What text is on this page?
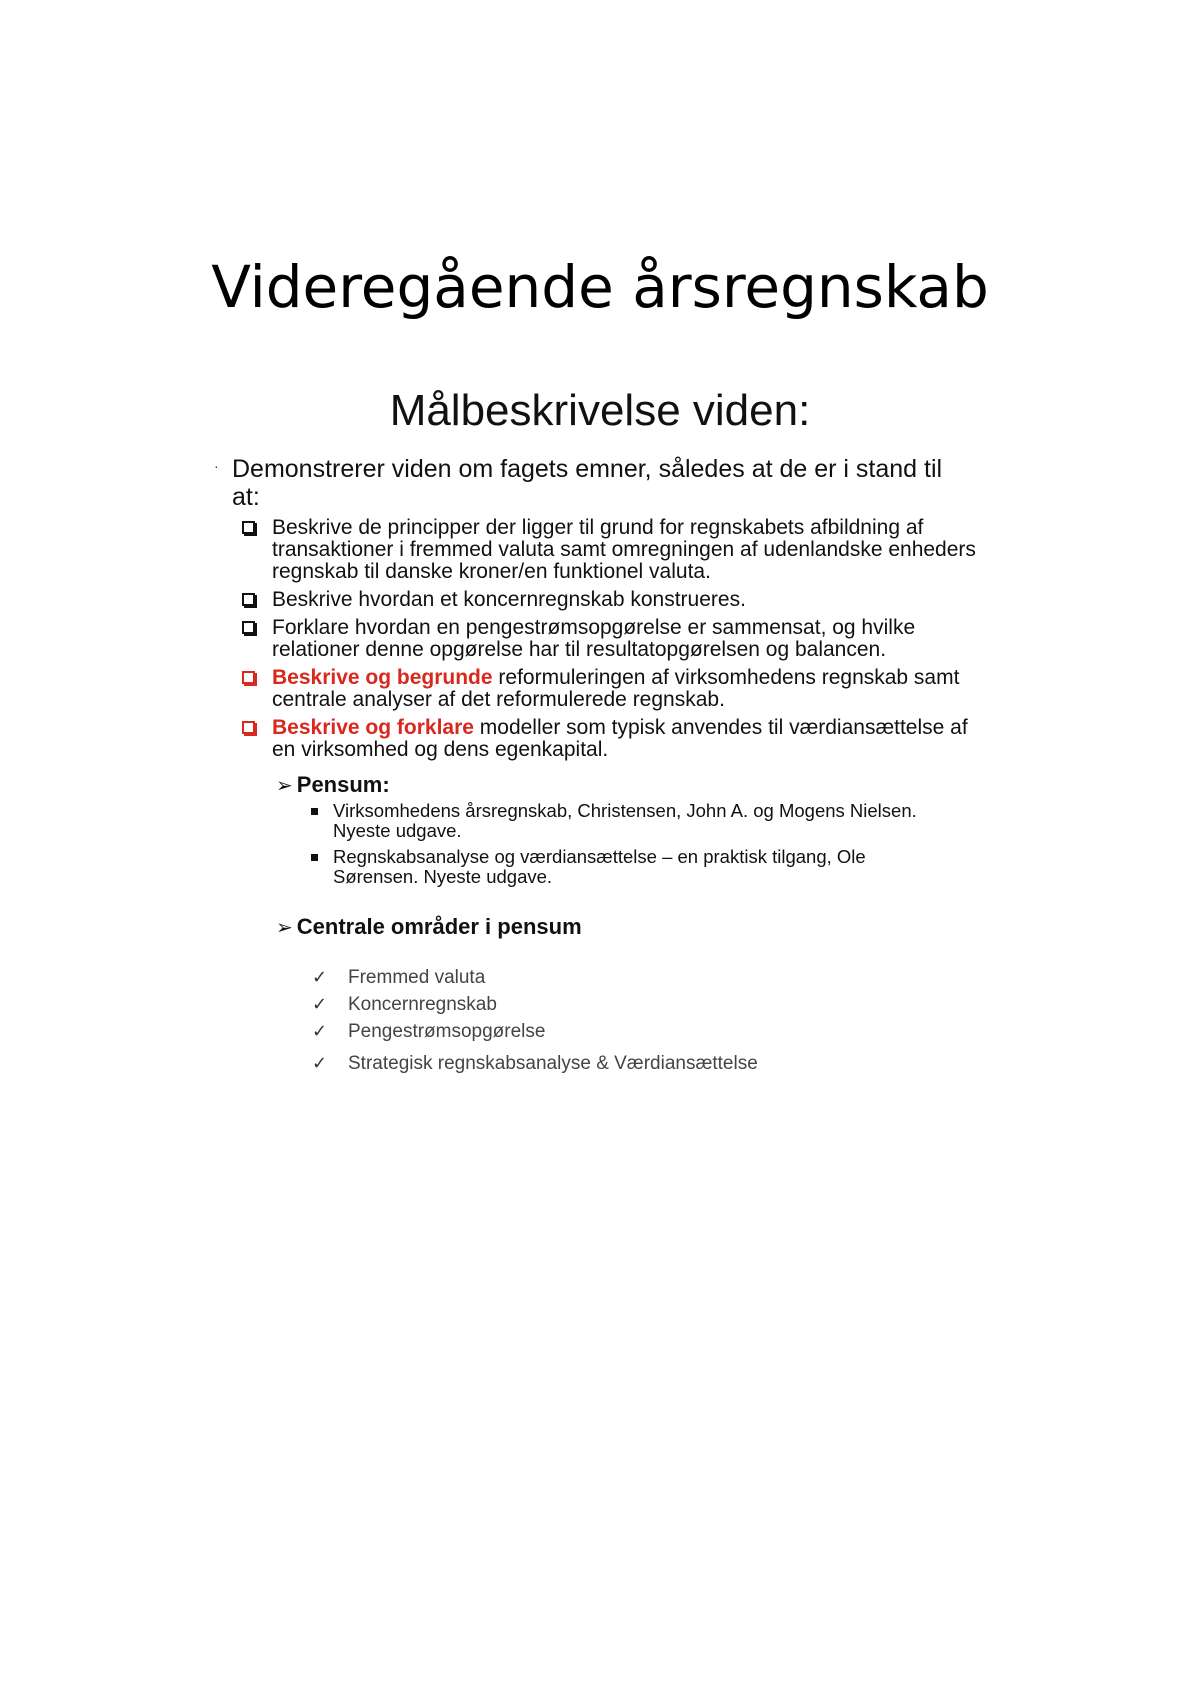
Videregående årsregnskab
Målbeskrivelse viden:
· Demonstrerer viden om fagets emner, således at de er i stand til at:
Beskrive de principper der ligger til grund for regnskabets afbildning af transaktioner i fremmed valuta samt omregningen af udenlandske enheders regnskab til danske kroner/en funktionel valuta.
Beskrive hvordan et koncernregnskab konstrueres.
Forklare hvordan en pengestrømsopgørelse er sammensat, og hvilke relationer denne opgørelse har til resultatopgørelsen og balancen.
Beskrive og begrunde reformuleringen af virksomhedens regnskab samt centrale analyser af det reformulerede regnskab.
Beskrive og forklare modeller som typisk anvendes til værdiansættelse af en virksomhed og dens egenkapital.
➢ Pensum:
Virksomhedens årsregnskab, Christensen, John A. og Mogens Nielsen. Nyeste udgave.
Regnskabsanalyse og værdiansættelse – en praktisk tilgang, Ole Sørensen. Nyeste udgave.
➢ Centrale områder i pensum
✓ Fremmed valuta
✓ Koncernregnskab
✓ Pengestrømsopgørelse
✓ Strategisk regnskabsanalyse & Værdiansættelse
